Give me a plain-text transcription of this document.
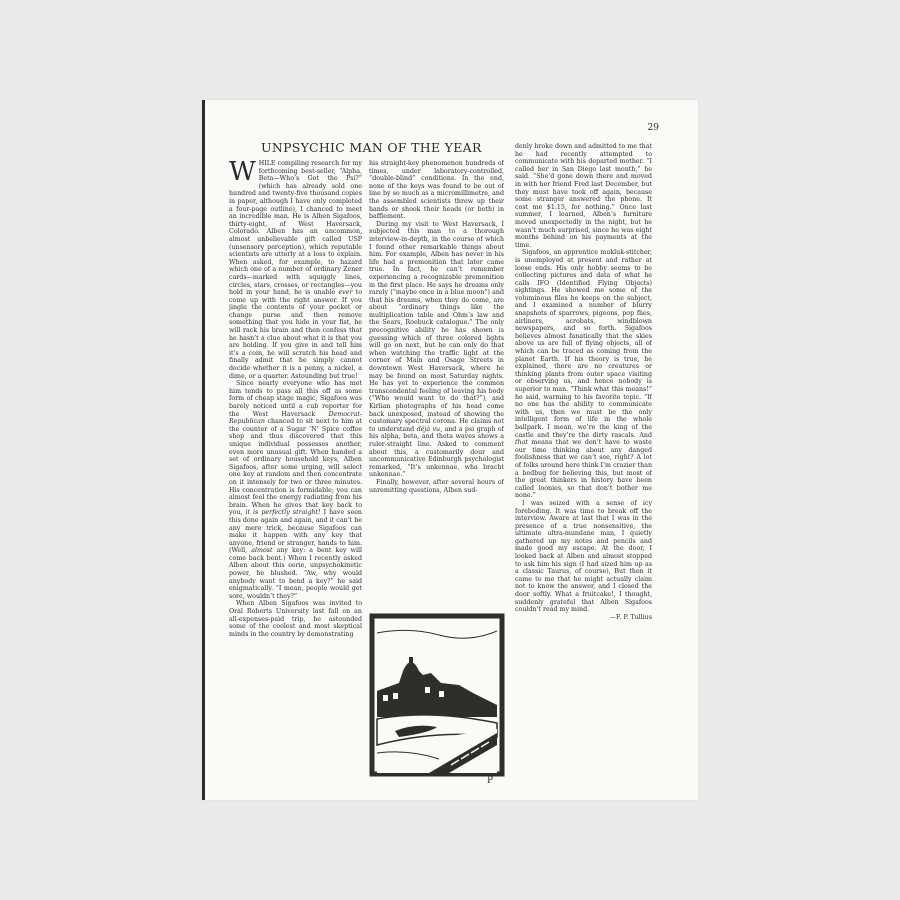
29
UNPSYCHIC MAN OF THE YEAR

WHILE compiling research for my forthcoming best-seller, “Alpha, Beta—Who’s Got the Psi?” (which has already sold one hundred and twenty-five thousand copies in paper, although I have only completed a four-page outline), I chanced to meet an incredible man. He is Alben Sigafoos, thirty-eight, of West Haversack, Colorado. Alben has an uncommon, almost unbelievable gift called USP (unsensory perception), which reputable scientists are utterly at a loss to explain. When asked, for example, to hazard which one of a number of ordinary Zener cards—marked with squiggly lines, circles, stars, crosses, or rectangles—you hold in your hand, he is unable ever to come up with the right answer. If you jingle the contents of your pocket or change purse and then remove something that you hide in your fist, he will rack his brain and then confess that he hasn’t a clue about what it is that you are holding. If you give in and tell him it’s a coin, he will scratch his head and finally admit that he simply cannot decide whether it is a penny, a nickel, a dime, or a quarter. Astounding but true!

Since nearly everyone who has met him tends to pass all this off as some form of cheap stage magic, Sigafoos was barely noticed until a cub reporter for the West Haversack Democrat-Republican chanced to sit next to him at the counter of a Sugar ’N’ Spice coffee shop and thus discovered that this unique individual possesses another, even more unusual gift. When handed a set of ordinary household keys, Alben Sigafoos, after some urging, will select one key at random and then concentrate on it intensely for two or three minutes. His concentration is formidable; you can almost feel the energy radiating from his brain. When he gives that key back to you, it is perfectly straight! I have seen this done again and again, and it can’t be any mere trick, because Sigafoos can make it happen with any key that anyone, friend or stranger, hands to him. (Well, almost any key: a bent key will come back bent.) When I recently asked Alben about this eerie, unpsychokinetic power, he blushed. “Aw, why would anybody want to bend a key?” he said enigmatically. “I mean, people would get sore, wouldn’t they?”

When Alben Sigafoos was invited to Oral Roberts University last fall on an all-expenses-paid trip, he astounded some of the coolest and most skeptical minds in the country by demonstrating

his straight-key phenomenon hundreds of times, under laboratory-controlled, “double-blind” conditions. In the end, none of the keys was found to be out of line by so much as a micromillimetre, and the assembled scientists threw up their hands or shook their heads (or both) in bafflement.

During my visit to West Haversack, I subjected this man to a thorough interview-in-depth, in the course of which I found other remarkable things about him. For example, Alben has never in his life had a premonition that later came true. In fact, he can’t remember experiencing a recognizable premonition in the first place. He says he dreams only rarely (“maybe once in a blue moon”) and that his dreams, when they do come, are about “ordinary things like the multiplication table and Ohm’s law and the Sears, Roebuck catalogue.” The only precognitive ability he has shown is guessing which of three colored lights will go on next, but he can only do that when watching the traffic light at the corner of Main and Osage Streets in downtown West Haversack, where he may be found on most Saturday nights. He has yet to experience the common transcendental feeling of leaving his body (“Who would want to do that?”), and Kirlian photographs of his head come back unexposed, instead of showing the customary spectral corona. He claims not to understand déjà vu, and a psi graph of his alpha, beta, and theta waves shows a ruler-straight line. Asked to comment about this, a customarily dour and uncommunicative Edinburgh psychologist remarked, “It’s unkennae, wha bracht unkennae.”

Finally, however, after several hours of unremitting questions, Alben sud-

P

denly broke down and admitted to me that he had recently attempted to communicate with his departed mother. “I called her in San Diego last month,” he said. “She’d gone down there and moved in with her friend Fred last December, but they must have took off again, because some stranger answered the phone. It cost me $1.15, for nothing.” Once last summer, I learned, Alben’s furniture moved unexpectedly in the night, but he wasn’t much surprised, since he was eight months behind on his payments at the time.

Sigafoos, an apprentice mukluk-stitcher, is unemployed at present and rather at loose ends. His only hobby seems to be collecting pictures and data of what he calls IFO (Identified Flying Objects) sightings. He showed me some of the voluminous files he keeps on the subject, and I examined a number of blurry snapshots of sparrows, pigeons, pop flies, airliners, acrobats, windblown newspapers, and so forth. Sigafoos believes almost fanatically that the skies above us are full of flying objects, all of which can be traced as coming from the planet Earth. If his theory is true, he explained, there are no creatures or thinking plants from outer space visiting or observing us, and hence nobody is superior to man. “Think what this means!” he said, warming to his favorite topic. “If no one has the ability to communicate with us, then we must be the only intelligent form of life in the whole ballpark. I mean, we’re the king of the castle and they’re the dirty rascals. And that means that we don’t have to waste our time thinking about any danged foolishness that we can’t see, right? A lot of folks around here think I’m crazier than a bedbug for believing this, but most of the great thinkers in history have been called loonies, so that don’t bother me none.”

I was seized with a sense of icy foreboding. It was time to break off the interview. Aware at last that I was in the presence of a true nonsensitive, the ultimate ultra-mundane man, I quietly gathered up my notes and pencils and made good my escape. At the door, I looked back at Alben and almost stopped to ask him his sign (I had sized him up as a classic Taurus, of course), But then it came to me that he might actually claim not to know the answer, and I closed the door softly. What a fruitcake!, I thought, suddenly grateful that Alben Sigafoos couldn’t read my mind.

—F. P. Tullius
